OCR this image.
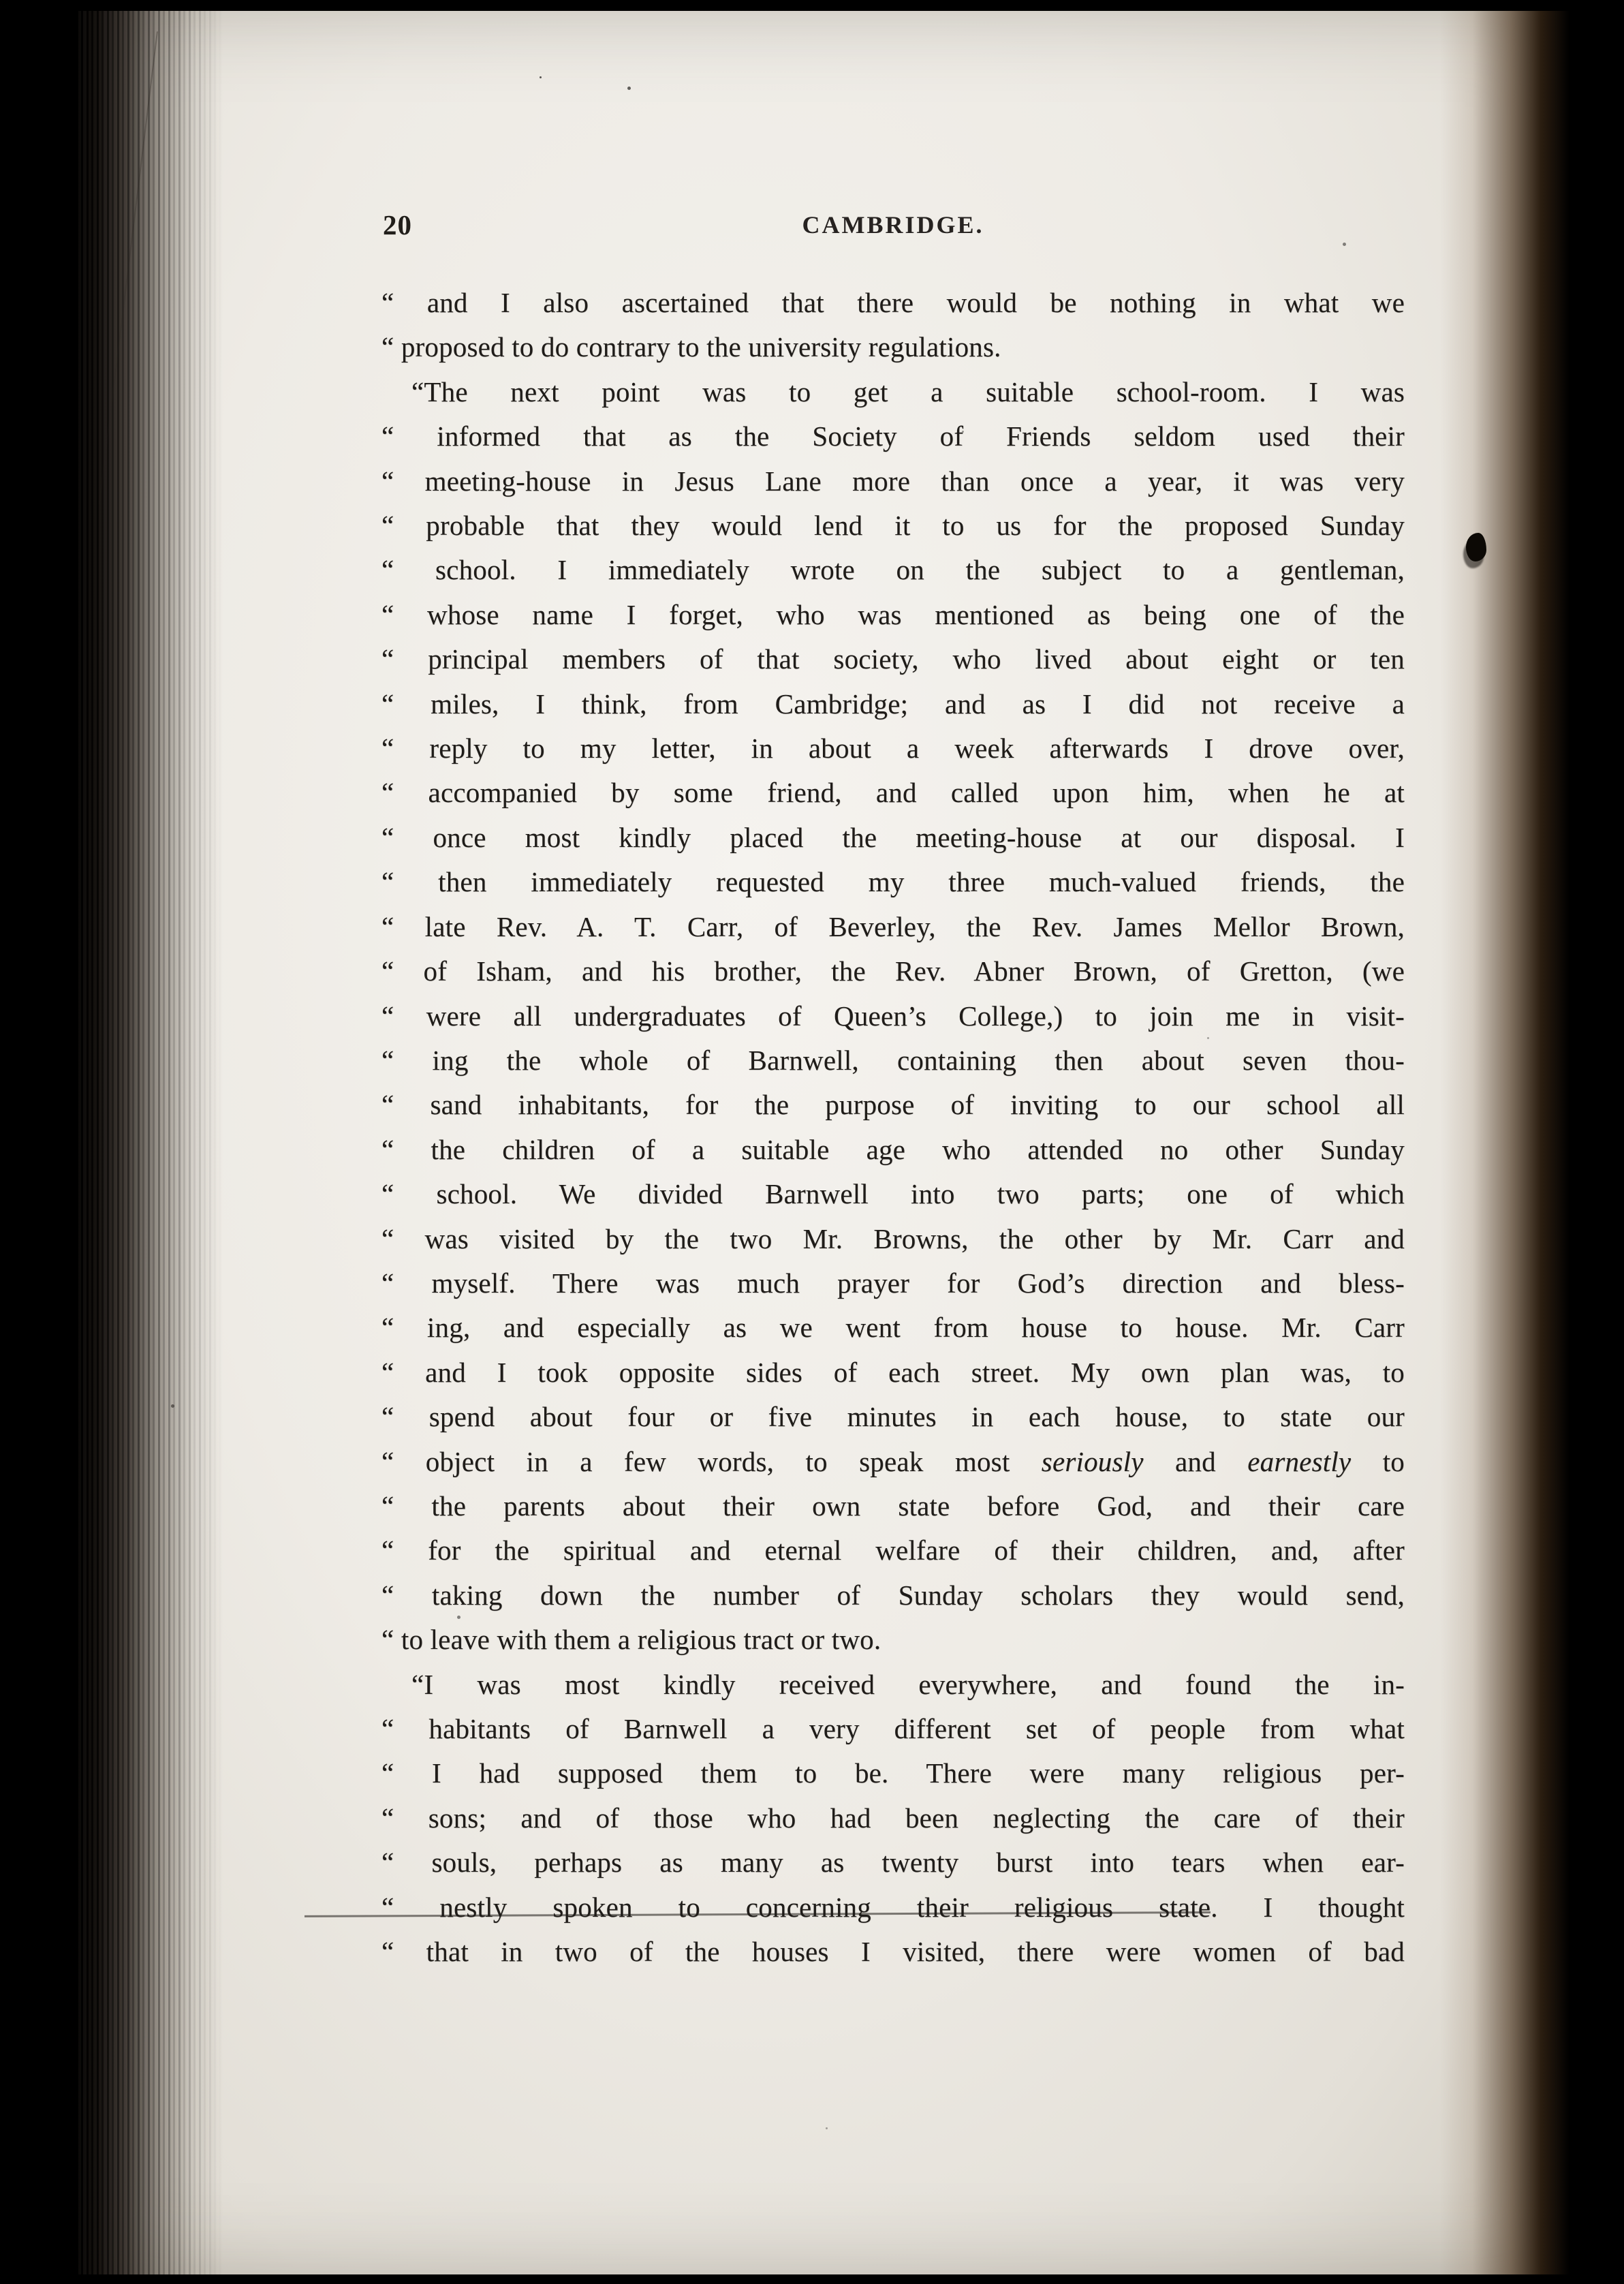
20	CAMBRIDGE.
“ and I also ascertained that there would be nothing in what we
“ proposed to do contrary to the university regulations.
“The next point was to get a suitable school-room. I was
“ informed that as the Society of Friends seldom used their
“ meeting-house in Jesus Lane more than once a year, it was very
“ probable that they would lend it to us for the proposed Sunday
“ school. I immediately wrote on the subject to a gentleman,
“ whose name I forget, who was mentioned as being one of the
“ principal members of that society, who lived about eight or ten
“ miles, I think, from Cambridge; and as I did not receive a
“ reply to my letter, in about a week afterwards I drove over,
“ accompanied by some friend, and called upon him, when he at
“ once most kindly placed the meeting-house at our disposal. I
“ then immediately requested my three much-valued friends, the
“ late Rev. A. T. Carr, of Beverley, the Rev. James Mellor Brown,
“ of Isham, and his brother, the Rev. Abner Brown, of Gretton, (we
“ were all undergraduates of Queen’s College,) to join me in visit-
“ ing the whole of Barnwell, containing then about seven thou-
“ sand inhabitants, for the purpose of inviting to our school all
“ the children of a suitable age who attended no other Sunday
“ school. We divided Barnwell into two parts; one of which
“ was visited by the two Mr. Browns, the other by Mr. Carr and
“ myself. There was much prayer for God’s direction and bless-
“ ing, and especially as we went from house to house. Mr. Carr
“ and I took opposite sides of each street. My own plan was, to
“ spend about four or five minutes in each house, to state our
“ object in a few words, to speak most seriously and earnestly to
“ the parents about their own state before God, and their care
“ for the spiritual and eternal welfare of their children, and, after
“ taking down the number of Sunday scholars they would send,
“ to leave with them a religious tract or two.
“I was most kindly received everywhere, and found the in-
“ habitants of Barnwell a very different set of people from what
“ I had supposed them to be. There were many religious per-
“ sons; and of those who had been neglecting the care of their
“ souls, perhaps as many as twenty burst into tears when ear-
“ nestly spoken to concerning their religious state. I thought
“ that in two of the houses I visited, there were women of bad
